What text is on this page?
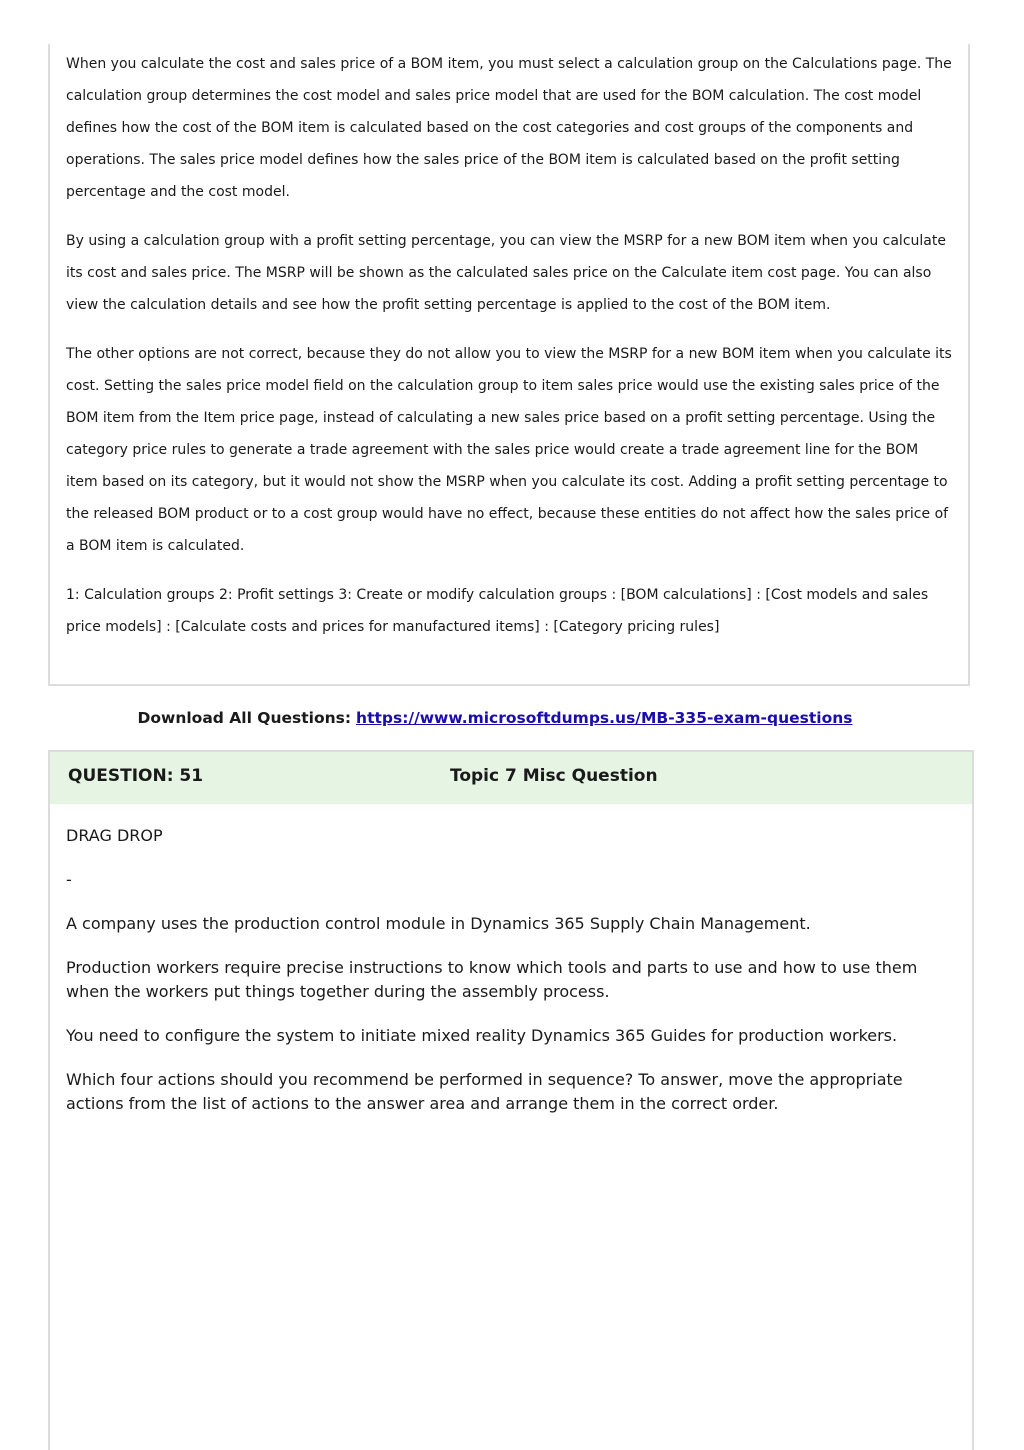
When you calculate the cost and sales price of a BOM item, you must select a calculation group on the Calculations page. The calculation group determines the cost model and sales price model that are used for the BOM calculation. The cost model defines how the cost of the BOM item is calculated based on the cost categories and cost groups of the components and operations. The sales price model defines how the sales price of the BOM item is calculated based on the profit setting percentage and the cost model.

By using a calculation group with a profit setting percentage, you can view the MSRP for a new BOM item when you calculate its cost and sales price. The MSRP will be shown as the calculated sales price on the Calculate item cost page. You can also view the calculation details and see how the profit setting percentage is applied to the cost of the BOM item.

The other options are not correct, because they do not allow you to view the MSRP for a new BOM item when you calculate its cost. Setting the sales price model field on the calculation group to item sales price would use the existing sales price of the BOM item from the Item price page, instead of calculating a new sales price based on a profit setting percentage. Using the category price rules to generate a trade agreement with the sales price would create a trade agreement line for the BOM item based on its category, but it would not show the MSRP when you calculate its cost. Adding a profit setting percentage to the released BOM product or to a cost group would have no effect, because these entities do not affect how the sales price of a BOM item is calculated.

1: Calculation groups 2: Profit settings 3: Create or modify calculation groups : [BOM calculations] : [Cost models and sales price models] : [Calculate costs and prices for manufactured items] : [Category pricing rules]

Download All Questions: https://www.microsoftdumps.us/MB-335-exam-questions
QUESTION: 51	Topic 7 Misc Question

DRAG DROP

-

A company uses the production control module in Dynamics 365 Supply Chain Management.

Production workers require precise instructions to know which tools and parts to use and how to use them when the workers put things together during the assembly process.

You need to configure the system to initiate mixed reality Dynamics 365 Guides for production workers.

Which four actions should you recommend be performed in sequence? To answer, move the appropriate actions from the list of actions to the answer area and arrange them in the correct order.
